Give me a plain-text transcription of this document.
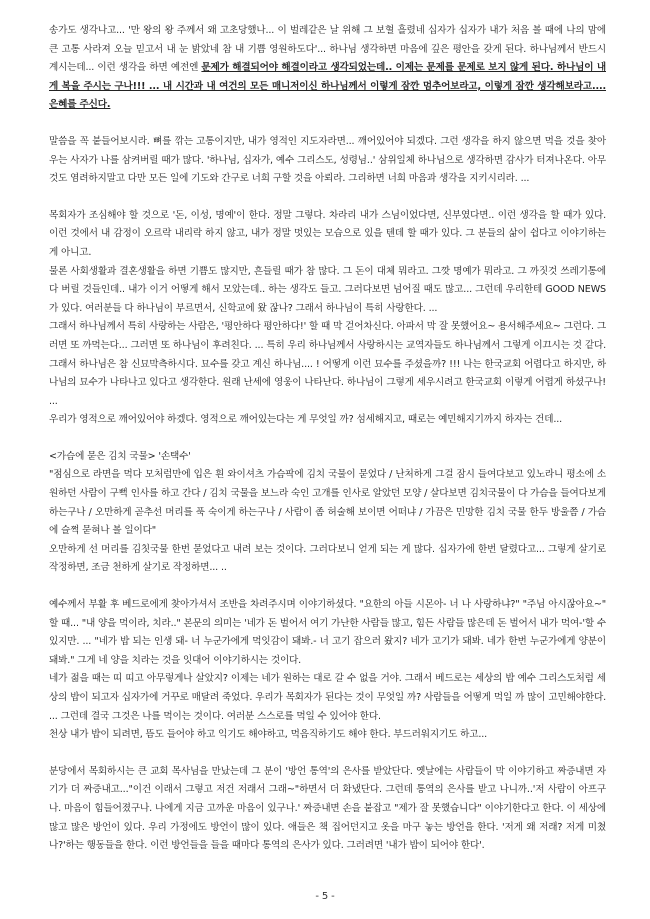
송가도 생각나고... '만 왕의 왕 주께서 왜 고초당했나... 이 벌레같은 날 위해 그 보혈 흘렸네 십자가 십자가 내가 처음 볼 때에 나의 맘에 큰 고통 사라져 오늘 믿고서 내 눈 밝았네 참 내 기쁨 영원하도다'... 하나님 생각하면 마음에 깊은 평안을 갖게 된다. 하나님께서 반드시 계시는데... 이런 생각을 하면 예전엔 문제가 해결되어야 해결이라고 생각되었는데.. 이제는 문제를 문제로 보지 않게 된다. 하나님이 내게 복을 주시는 구나!!! ... 내 시간과 내 여건의 모든 매니저이신 하나님께서 이렇게 잠깐 멈추어보라고, 이렇게 잠깐 생각해보라고.... 은혜를 주신다.

말씀을 꼭 붙들어보시라. 뼈를 깎는 고통이지만, 내가 영적인 지도자라면... 깨어있어야 되겠다. 그런 생각을 하지 않으면 먹을 것을 찾아 우는 사자가 나를 삼켜버릴 때가 많다. '하나님, 십자가, 예수 그리스도, 성령님..' 삼위일체 하나님으로 생각하면 감사가 터져나온다. 아무것도 염려하지말고 다만 모든 일에 기도와 간구로 너희 구할 것을 아뢰라. 그리하면 너희 마음과 생각을 지키시리라. ...

목회자가 조심해야 할 것으로 '돈, 이성, 명예'이 한다. 정말 그렇다. 차라리 내가 스님이었다면, 신부였다면.. 이런 생각을 할 때가 있다. 이런 것에서 내 감정이 오르락 내리락 하지 않고, 내가 정말 멋있는 모습으로 있을 텐데 할 때가 있다. 그 분들의 삶이 쉽다고 이야기하는게 아니고.
물론 사회생활과 결혼생활을 하면 기쁨도 많지만, 흔들릴 때가 참 많다. 그 돈이 대체 뭐라고. 그깟 명예가 뭐라고. 그 까짓것 쓰레기통에 다 버릴 것들인데.. 내가 이거 어떻게 해서 모았는데.. 하는 생각도 들고. 그러다보면 넘어질 때도 많고... 그런데 우리한테 GOOD NEWS가 있다. 여러분들 다 하나님이 부르면서, 신학교에 왔 잖나? 그래서 하나님이 특히 사랑한다. ...
그래서 하나님께서 특히 사랑하는 사람은, '평안하다 평안하다!' 할 때 막 걷어차신다. 아파서 막 잘 못했어요~ 용서해주세요~ 그런다. 그러면 또 까먹는다... 그러면 또 하나님이 후려친다. ... 특히 우리 하나님께서 사랑하시는 교역자들도 하나님께서 그렇게 이끄시는 것 같다. 그래서 하나님은 참 신묘막측하시다. 묘수를 갖고 계신 하나님.... ! 어떻게 이런 묘수를 주셨을까? !!! 나는 한국교회 어렵다고 하지만, 하나님의 묘수가 나타나고 있다고 생각한다. 원래 난세에 영웅이 나타난다. 하나님이 그렇게 세우시려고 한국교회 이렇게 어렵게 하셨구나! ...
우리가 영적으로 깨어있어야 하겠다. 영적으로 깨어있는다는 게 무엇일 까? 섬세해지고, 때로는 예민해지기까지 하자는 건데...

<가슴에 묻은 김치 국물> '손택수'
"점심으로 라면을 먹다 모처럼만에 입은 흰 와이셔츠 가슴팍에 김치 국물이 묻었다 / 난처하게 그걸 잠시 들여다보고 있노라니 평소에 소원하던 사람이 구뻑 인사를 하고 간다 / 김치 국물을 보느라 숙인 고개를 인사로 알았던 모양 / 살다보면 김치국물이 다 가슴을 들여다보게 하는구나 / 오만하게 곧추선 머리를 푹 숙이게 하는구나 / 사람이 좀 허술해 보이면 어떠냐 / 가끔은 민망한 김치 국물 한두 방울쯤 / 가슴에 슬쩍 묻혀나 볼 일이다"
오만하게 선 머리를 김칫국물 한번 묻었다고 내려 보는 것이다. 그러다보니 얻게 되는 게 많다. 십자가에 한번 달렸다고... 그렇게 살기로 작정하면, 조금 천하게 살기로 작정하면... ..

예수께서 부활 후 베드로에게 찾아가셔서 조반을 차려주시며 이야기하셨다. "요한의 아들 시몬아- 너 나 사랑하냐?" "주님 아시잖아요~" 할 때... "내 양을 먹이라, 치라.." 본문의 의미는 '네가 돈 벌어서 여기 가난한 사람들 많고, 힘든 사람들 많은데 돈 벌어서 내가 먹여-'할 수 있지만. ... "네가 밥 되는 인생 돼- 너 누군가에게 먹잇감이 돼봐.- 너 고기 잡으러 왔지? 네가 고기가 돼봐. 네가 한번 누군가에게 양분이 돼봐." 그게 네 양을 치라는 것을 잇대어 이야기하시는 것이다.
네가 젊을 때는 띠 띠고 아무렇게나 살았지? 이제는 네가 원하는 대로 갈 수 없을 거야. 그래서 베드로는 세상의 밥 예수 그리스도처럼 세상의 밥이 되고자 십자가에 거꾸로 매달려 죽었다. 우리가 목회자가 된다는 것이 무엇일 까? 사람들을 어떻게 먹일 까 많이 고민해야한다. ... 그런데 결국 그것은 나를 먹이는 것이다. 여러분 스스로를 먹일 수 있어야 한다.
천상 내가 밥이 되려면, 뜸도 들어야 하고 익기도 해야하고, 먹음직하기도 해야 한다. 부드러워지기도 하고...

분당에서 목회하시는 큰 교회 목사님을 만났는데 그 분이 '방언 통역'의 은사를 받았단다. 옛날에는 사람들이 막 이야기하고 짜증내면 자기가 더 짜증내고..."이건 이래서 그렇고 저건 저래서 그래~"하면서 더 화냈단다. 그런데 통역의 은사를 받고 나니까..'저 사람이 아프구나. 마음이 힘들어졌구나. 나에게 지금 고까운 마음이 있구나.' 짜증내면 손을 붙잡고 "제가 잘 못했습니다" 이야기한다고 한다. 이 세상에 많고 많은 방언이 있다. 우리 가정에도 방언이 많이 있다. 애들은 책 집어던지고 옷을 마구 놓는 방언을 한다. '저게 왜 저래? 저게 미쳤나?'하는 행동들을 한다. 이런 방언들을 들을 때마다 통역의 은사가 있다. 그러려면 '내가 밥이 되어야 한다'.

- 5 -
